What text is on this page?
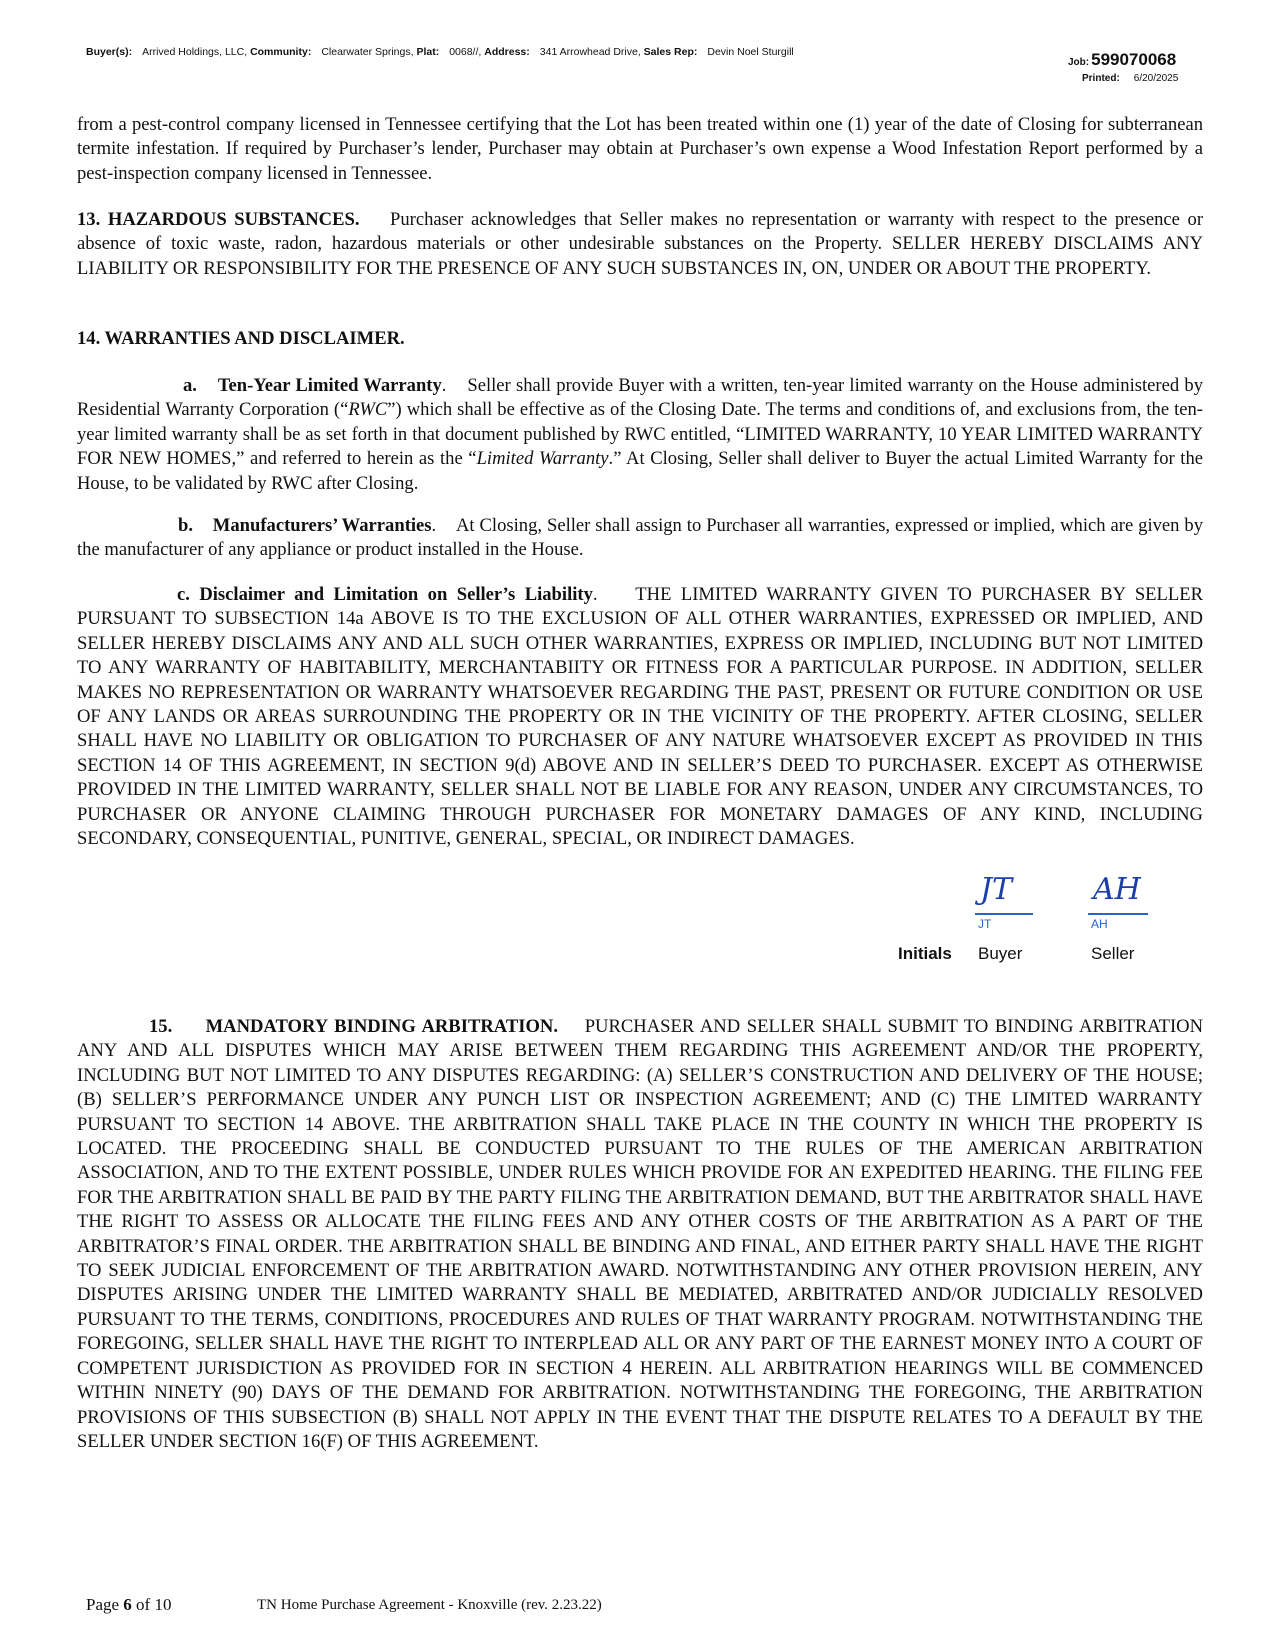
Buyer(s): Arrived Holdings, LLC, Community: Clearwater Springs, Plat: 0068//, Address: 341 Arrowhead Drive, Sales Rep: Devin Noel Sturgill
Job: 599070068
Printed: 6/20/2025
from a pest-control company licensed in Tennessee certifying that the Lot has been treated within one (1) year of the date of Closing for subterranean termite infestation. If required by Purchaser’s lender, Purchaser may obtain at Purchaser’s own expense a Wood Infestation Report performed by a pest-inspection company licensed in Tennessee.
13. HAZARDOUS SUBSTANCES. Purchaser acknowledges that Seller makes no representation or warranty with respect to the presence or absence of toxic waste, radon, hazardous materials or other undesirable substances on the Property. SELLER HEREBY DISCLAIMS ANY LIABILITY OR RESPONSIBILITY FOR THE PRESENCE OF ANY SUCH SUBSTANCES IN, ON, UNDER OR ABOUT THE PROPERTY.
14. WARRANTIES AND DISCLAIMER.
a. Ten-Year Limited Warranty.    Seller shall provide Buyer with a written, ten-year limited warranty on the House administered by Residential Warranty Corporation (“RWC”) which shall be effective as of the Closing Date. The terms and conditions of, and exclusions from, the ten-year limited warranty shall be as set forth in that document published by RWC entitled, “LIMITED WARRANTY, 10 YEAR LIMITED WARRANTY FOR NEW HOMES,” and referred to herein as the “Limited Warranty.” At Closing, Seller shall deliver to Buyer the actual Limited Warranty for the House, to be validated by RWC after Closing.
b. Manufacturers’ Warranties.    At Closing, Seller shall assign to Purchaser all warranties, expressed or implied, which are given by the manufacturer of any appliance or product installed in the House.
c. Disclaimer and Limitation on Seller’s Liability.    THE LIMITED WARRANTY GIVEN TO PURCHASER BY SELLER PURSUANT TO SUBSECTION 14a ABOVE IS TO THE EXCLUSION OF ALL OTHER WARRANTIES, EXPRESSED OR IMPLIED, AND SELLER HEREBY DISCLAIMS ANY AND ALL SUCH OTHER WARRANTIES, EXPRESS OR IMPLIED, INCLUDING BUT NOT LIMITED TO ANY WARRANTY OF HABITABILITY, MERCHANTABIITY OR FITNESS FOR A PARTICULAR PURPOSE. IN ADDITION, SELLER MAKES NO REPRESENTATION OR WARRANTY WHATSOEVER REGARDING THE PAST, PRESENT OR FUTURE CONDITION OR USE OF ANY LANDS OR AREAS SURROUNDING THE PROPERTY OR IN THE VICINITY OF THE PROPERTY. AFTER CLOSING, SELLER SHALL HAVE NO LIABILITY OR OBLIGATION TO PURCHASER OF ANY NATURE WHATSOEVER EXCEPT AS PROVIDED IN THIS SECTION 14 OF THIS AGREEMENT, IN SECTION 9(d) ABOVE AND IN SELLER’S DEED TO PURCHASER. EXCEPT AS OTHERWISE PROVIDED IN THE LIMITED WARRANTY, SELLER SHALL NOT BE LIABLE FOR ANY REASON, UNDER ANY CIRCUMSTANCES, TO PURCHASER OR ANYONE CLAIMING THROUGH PURCHASER FOR MONETARY DAMAGES OF ANY KIND, INCLUDING SECONDARY, CONSEQUENTIAL, PUNITIVE, GENERAL, SPECIAL, OR INDIRECT DAMAGES.
JT
JT
AH
AH
Initials Buyer	Seller
15. MANDATORY BINDING ARBITRATION. PURCHASER AND SELLER SHALL SUBMIT TO BINDING ARBITRATION ANY AND ALL DISPUTES WHICH MAY ARISE BETWEEN THEM REGARDING THIS AGREEMENT AND/OR THE PROPERTY, INCLUDING BUT NOT LIMITED TO ANY DISPUTES REGARDING: (A) SELLER’S CONSTRUCTION AND DELIVERY OF THE HOUSE; (B) SELLER’S PERFORMANCE UNDER ANY PUNCH LIST OR INSPECTION AGREEMENT; AND (C) THE LIMITED WARRANTY PURSUANT TO SECTION 14 ABOVE. THE ARBITRATION SHALL TAKE PLACE IN THE COUNTY IN WHICH THE PROPERTY IS LOCATED. THE PROCEEDING SHALL BE CONDUCTED PURSUANT TO THE RULES OF THE AMERICAN ARBITRATION ASSOCIATION, AND TO THE EXTENT POSSIBLE, UNDER RULES WHICH PROVIDE FOR AN EXPEDITED HEARING. THE FILING FEE FOR THE ARBITRATION SHALL BE PAID BY THE PARTY FILING THE ARBITRATION DEMAND, BUT THE ARBITRATOR SHALL HAVE THE RIGHT TO ASSESS OR ALLOCATE THE FILING FEES AND ANY OTHER COSTS OF THE ARBITRATION AS A PART OF THE ARBITRATOR’S FINAL ORDER. THE ARBITRATION SHALL BE BINDING AND FINAL, AND EITHER PARTY SHALL HAVE THE RIGHT TO SEEK JUDICIAL ENFORCEMENT OF THE ARBITRATION AWARD. NOTWITHSTANDING ANY OTHER PROVISION HEREIN, ANY DISPUTES ARISING UNDER THE LIMITED WARRANTY SHALL BE MEDIATED, ARBITRATED AND/OR JUDICIALLY RESOLVED PURSUANT TO THE TERMS, CONDITIONS, PROCEDURES AND RULES OF THAT WARRANTY PROGRAM. NOTWITHSTANDING THE FOREGOING, SELLER SHALL HAVE THE RIGHT TO INTERPLEAD ALL OR ANY PART OF THE EARNEST MONEY INTO A COURT OF COMPETENT JURISDICTION AS PROVIDED FOR IN SECTION 4 HEREIN. ALL ARBITRATION HEARINGS WILL BE COMMENCED WITHIN NINETY (90) DAYS OF THE DEMAND FOR ARBITRATION. NOTWITHSTANDING THE FOREGOING, THE ARBITRATION PROVISIONS OF THIS SUBSECTION (B) SHALL NOT APPLY IN THE EVENT THAT THE DISPUTE RELATES TO A DEFAULT BY THE SELLER UNDER SECTION 16(F) OF THIS AGREEMENT.
Page 6 of 10	TN Home Purchase Agreement - Knoxville (rev. 2.23.22)
